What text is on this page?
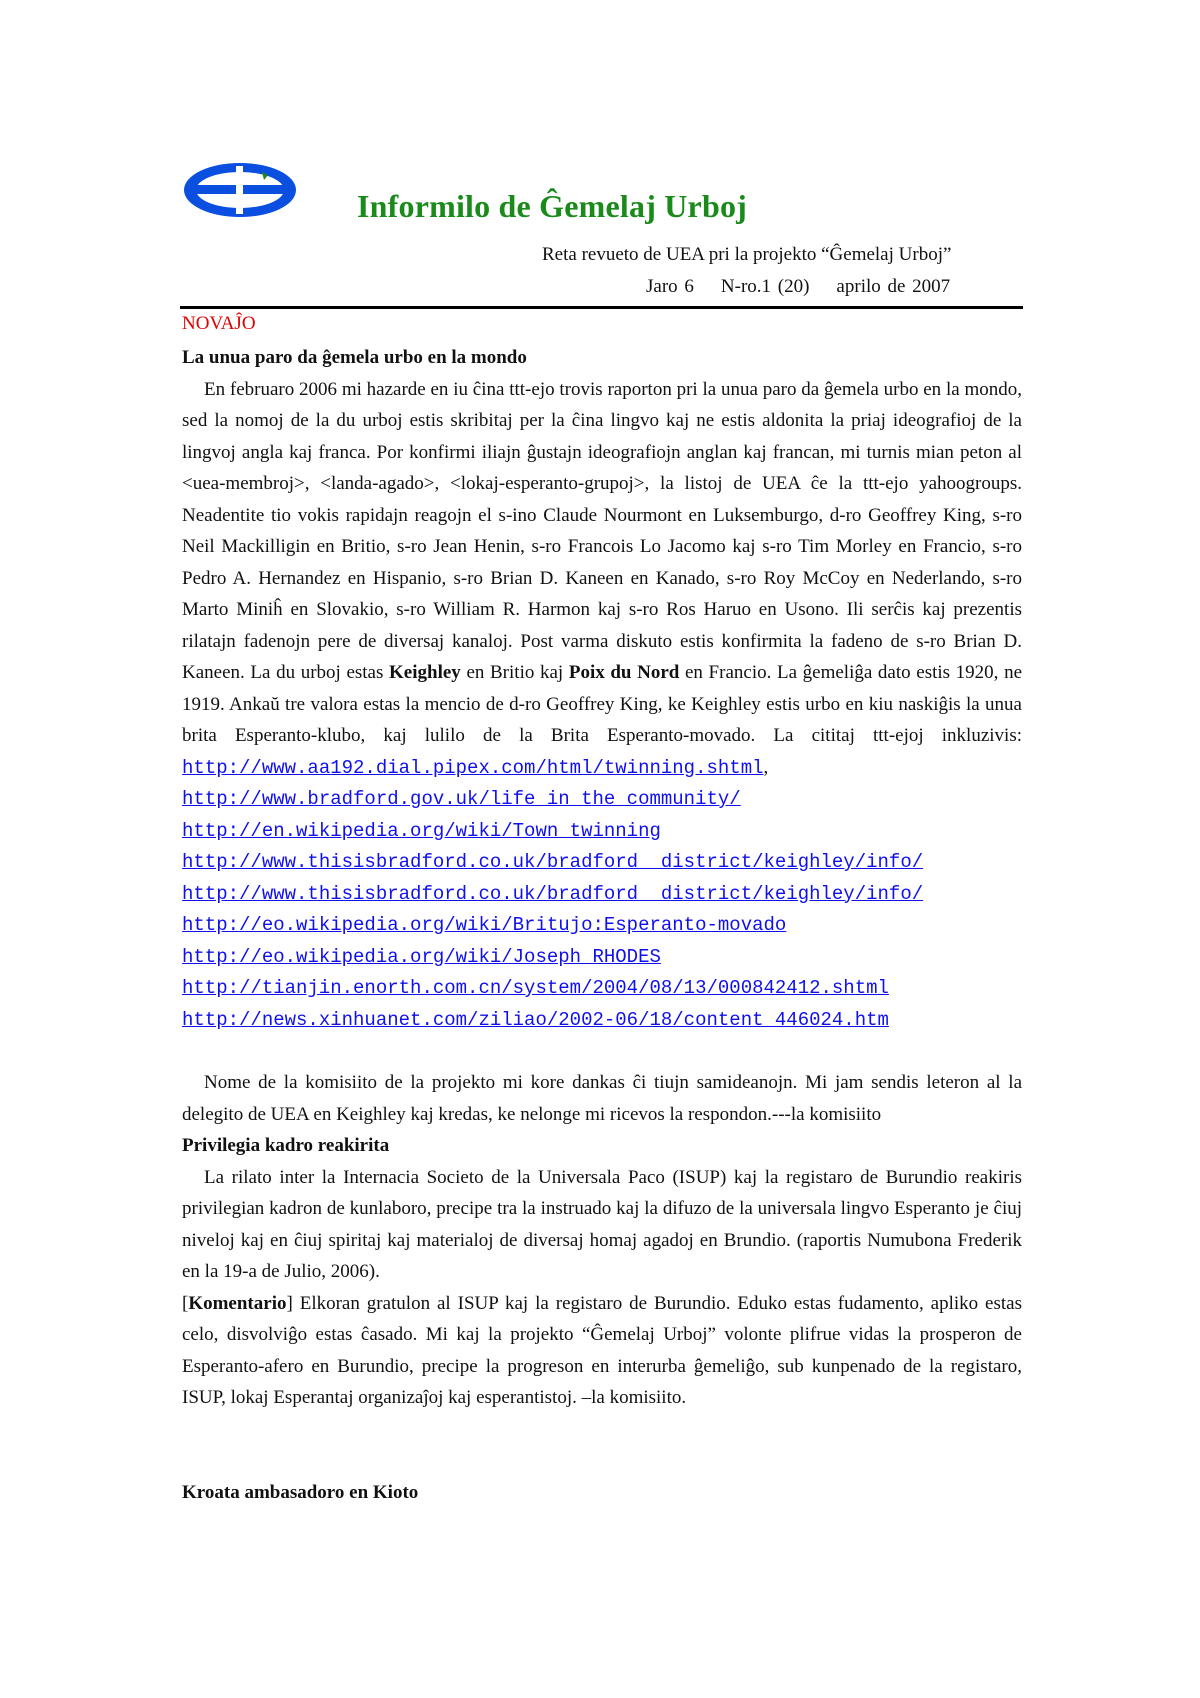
Informilo de Ĝemelaj Urboj
Reta revueto de UEA pri la projekto “Ĝemelaj Urboj”
Jaro 6    N-ro.1 (20)    aprilo de 2007
NOVAĴO

La unua paro da ĝemela urbo en la mondo

En februaro 2006 mi hazarde en iu ĉina ttt-ejo trovis raporton pri la unua paro da ĝemela urbo en la mondo, sed la nomoj de la du urboj estis skribitaj per la ĉina lingvo kaj ne estis aldonita la priaj ideografioj de la lingvoj angla kaj franca. Por konfirmi iliajn ĝustajn ideografiojn anglan kaj francan, mi turnis mian peton al <uea-membroj>, <landa-agado>, <lokaj-esperanto-grupoj>, la listoj de UEA ĉe la ttt-ejo yahoogroups. Neadentite tio vokis rapidajn reagojn el s-ino Claude Nourmont en Luksemburgo, d-ro Geoffrey King, s-ro Neil Mackilligin en Britio, s-ro Jean Henin, s-ro Francois Lo Jacomo kaj s-ro Tim Morley en Francio, s-ro Pedro A. Hernandez en Hispanio, s-ro Brian D. Kaneen en Kanado, s-ro Roy McCoy en Nederlando, s-ro Marto Miniĥ en Slovakio, s-ro William R. Harmon kaj s-ro Ros Haruo en Usono. Ili serĉis kaj prezentis rilatajn fadenojn pere de diversaj kanaloj. Post varma diskuto estis konfirmita la fadeno de s-ro Brian D. Kaneen. La du urboj estas Keighley en Britio kaj Poix du Nord en Francio. La ĝemeliĝa dato estis 1920, ne 1919. Ankaŭ tre valora estas la mencio de d-ro Geoffrey King, ke Keighley estis urbo en kiu naskiĝis la unua brita Esperanto-klubo, kaj lulilo de la Brita Esperanto-movado. La cititaj ttt-ejoj inkluzivis: http://www.aa192.dial.pipex.com/html/twinning.shtml,

http://www.bradford.gov.uk/life_in_the_community/
http://en.wikipedia.org/wiki/Town_twinning
http://www.thisisbradford.co.uk/bradford__district/keighley/info/
http://www.thisisbradford.co.uk/bradford__district/keighley/info/
http://eo.wikipedia.org/wiki/Britujo:Esperanto-movado
http://eo.wikipedia.org/wiki/Joseph_RHODES
http://tianjin.enorth.com.cn/system/2004/08/13/000842412.shtml
http://news.xinhuanet.com/ziliao/2002-06/18/content_446024.htm

Nome de la komisiito de la projekto mi kore dankas ĉi tiujn samideanojn. Mi jam sendis leteron al la delegito de UEA en Keighley kaj kredas, ke nelonge mi ricevos la respondon.---la komisiito

Privilegia kadro reakirita

La rilato inter la Internacia Societo de la Universala Paco (ISUP) kaj la registaro de Burundio reakiris privilegian kadron de kunlaboro, precipe tra la instruado kaj la difuzo de la universala lingvo Esperanto je ĉiuj niveloj kaj en ĉiuj spiritaj kaj materialoj de diversaj homaj agadoj en Brundio. (raportis Numubona Frederik en la 19-a de Julio, 2006).

[Komentario] Elkoran gratulon al ISUP kaj la registaro de Burundio. Eduko estas fudamento, apliko estas celo, disvolviĝo estas ĉasado. Mi kaj la projekto “Ĝemelaj Urboj” volonte plifrue vidas la prosperon de Esperanto-afero en Burundio, precipe la progreson en interurba ĝemeliĝo, sub kunpenado de la registaro, ISUP, lokaj Esperantaj organizaĵoj kaj esperantistoj. –la komisiito.

Kroata ambasadoro en Kioto
